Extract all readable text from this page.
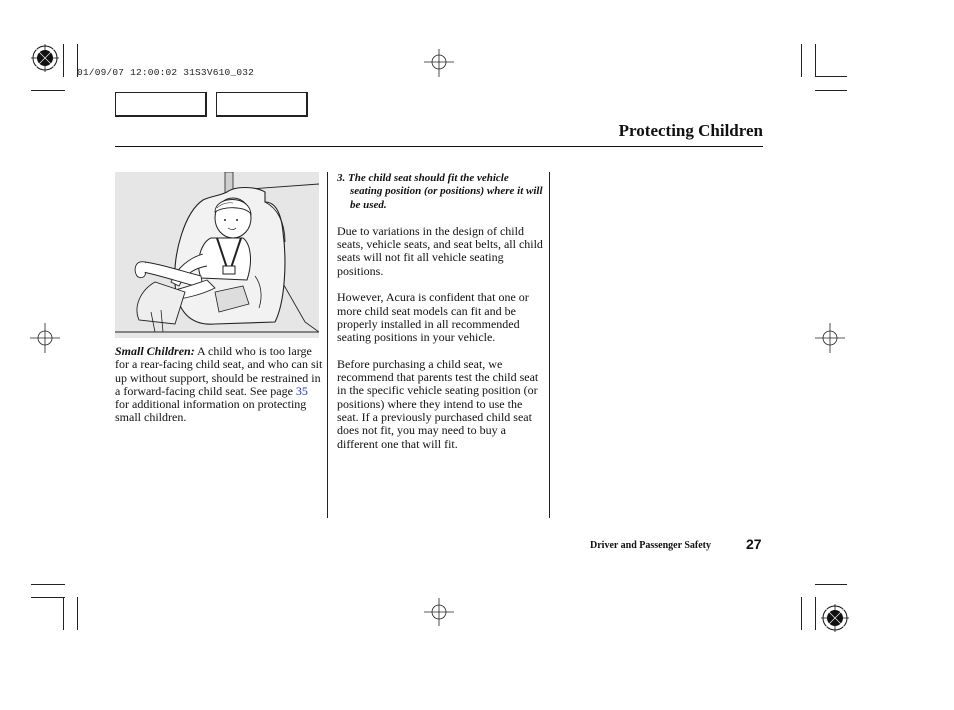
01/09/07 12:00:02 31S3V610_032
Protecting Children

Small Children: A child who is too large for a rear-facing child seat, and who can sit up without support, should be restrained in a forward-facing child seat. See page 35 for additional information on protecting small children.

3. The child seat should fit the vehicle seating position (or positions) where it will be used.

Due to variations in the design of child seats, vehicle seats, and seat belts, all child seats will not fit all vehicle seating positions.

However, Acura is confident that one or more child seat models can fit and be properly installed in all recommended seating positions in your vehicle.

Before purchasing a child seat, we recommend that parents test the child seat in the specific vehicle seating position (or positions) where they intend to use the seat. If a previously purchased child seat does not fit, you may need to buy a different one that will fit.

Driver and Passenger Safety 27
